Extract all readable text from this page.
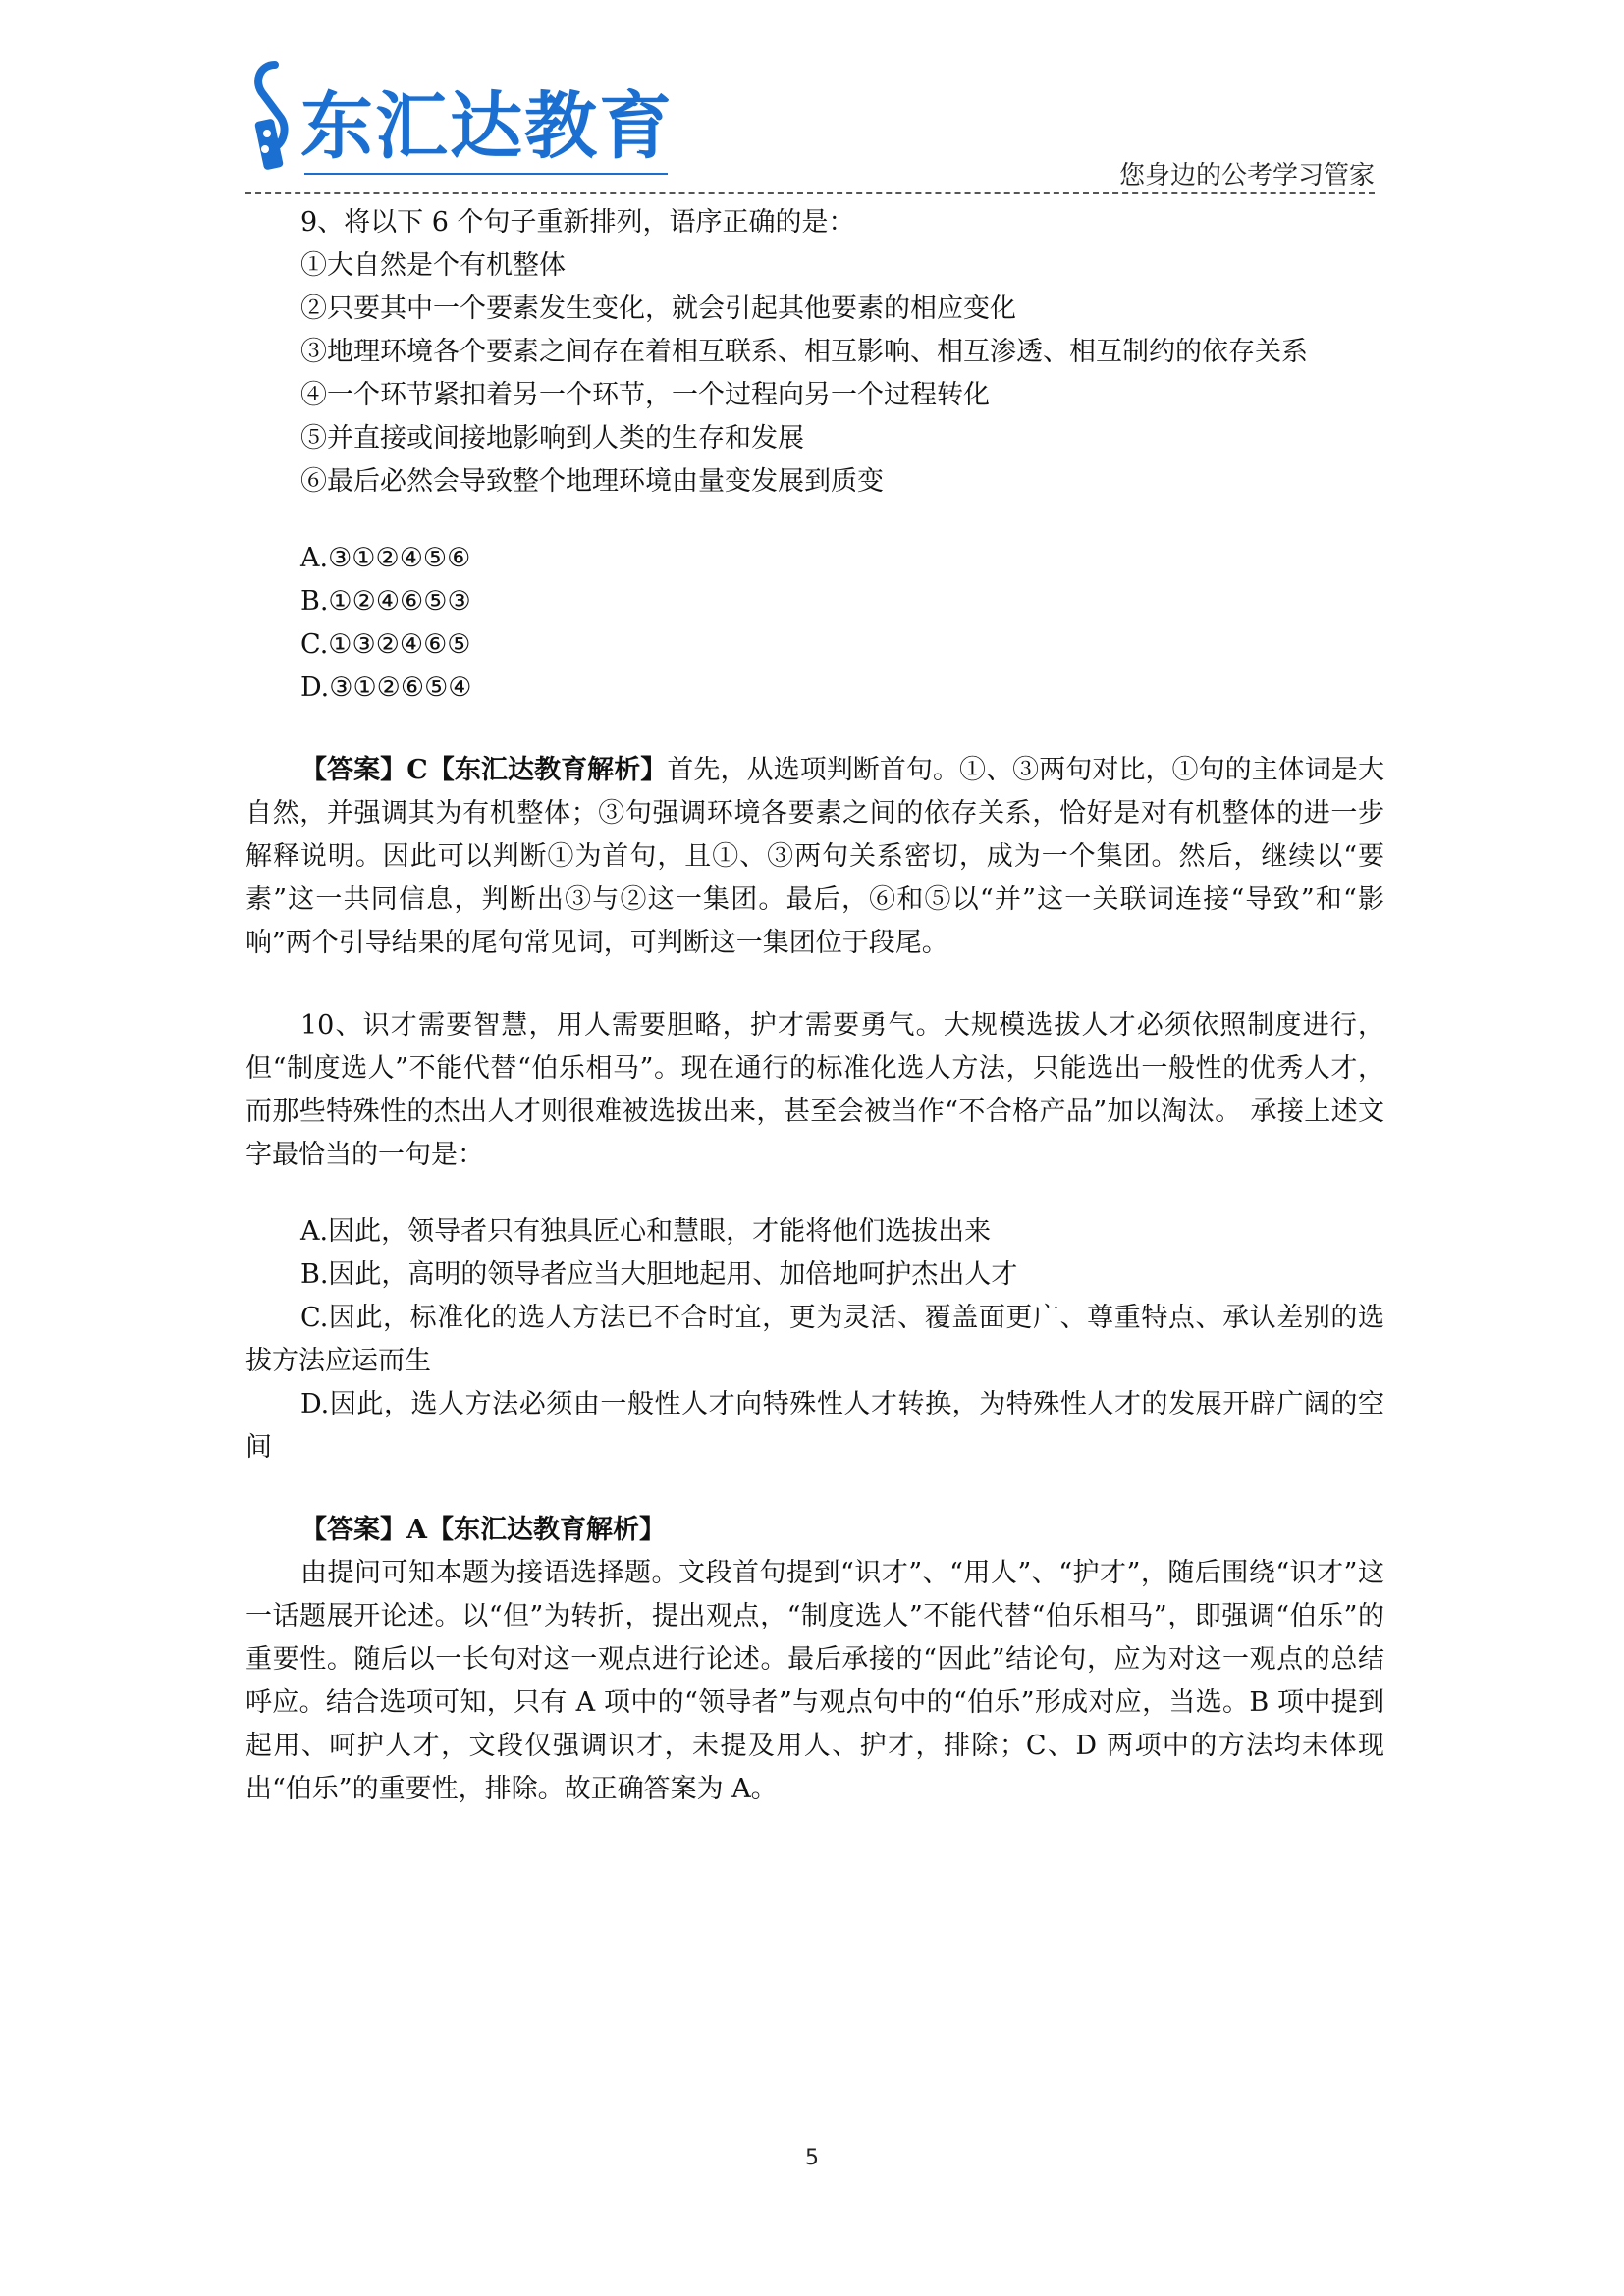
东汇达教育
您身边的公考学习管家

9、将以下 6 个句子重新排列，语序正确的是：

①大自然是个有机整体

②只要其中一个要素发生变化，就会引起其他要素的相应变化

③地理环境各个要素之间存在着相互联系、相互影响、相互渗透、相互制约的依存关系

④一个环节紧扣着另一个环节，一个过程向另一个过程转化

⑤并直接或间接地影响到人类的生存和发展

⑥最后必然会导致整个地理环境由量变发展到质变

A.③①②④⑤⑥

B.①②④⑥⑤③

C.①③②④⑥⑤

D.③①②⑥⑤④

【答案】C【东汇达教育解析】首先，从选项判断首句。①、③两句对比，①句的主体词是大自然，并强调其为有机整体；③句强调环境各要素之间的依存关系，恰好是对有机整体的进一步解释说明。因此可以判断①为首句，且①、③两句关系密切，成为一个集团。然后，继续以“要素”这一共同信息，判断出③与②这一集团。最后，⑥和⑤以“并”这一关联词连接“导致”和“影响”两个引导结果的尾句常见词，可判断这一集团位于段尾。

10、识才需要智慧，用人需要胆略，护才需要勇气。大规模选拔人才必须依照制度进行，但“制度选人”不能代替“伯乐相马”。现在通行的标准化选人方法，只能选出一般性的优秀人才，而那些特殊性的杰出人才则很难被选拔出来，甚至会被当作“不合格产品”加以淘汰。 承接上述文字最恰当的一句是：

A.因此，领导者只有独具匠心和慧眼，才能将他们选拔出来

B.因此，高明的领导者应当大胆地起用、加倍地呵护杰出人才

C.因此，标准化的选人方法已不合时宜，更为灵活、覆盖面更广、尊重特点、承认差别的选拔方法应运而生

D.因此，选人方法必须由一般性人才向特殊性人才转换，为特殊性人才的发展开辟广阔的空间

【答案】A【东汇达教育解析】

由提问可知本题为接语选择题。文段首句提到“识才”、“用人”、“护才”，随后围绕“识才”这一话题展开论述。以“但”为转折，提出观点，“制度选人”不能代替“伯乐相马”，即强调“伯乐”的重要性。随后以一长句对这一观点进行论述。最后承接的“因此”结论句，应为对这一观点的总结呼应。结合选项可知，只有 A 项中的“领导者”与观点句中的“伯乐”形成对应，当选。B 项中提到起用、呵护人才，文段仅强调识才，未提及用人、护才，排除；C、D 两项中的方法均未体现出“伯乐”的重要性，排除。故正确答案为 A。

5
